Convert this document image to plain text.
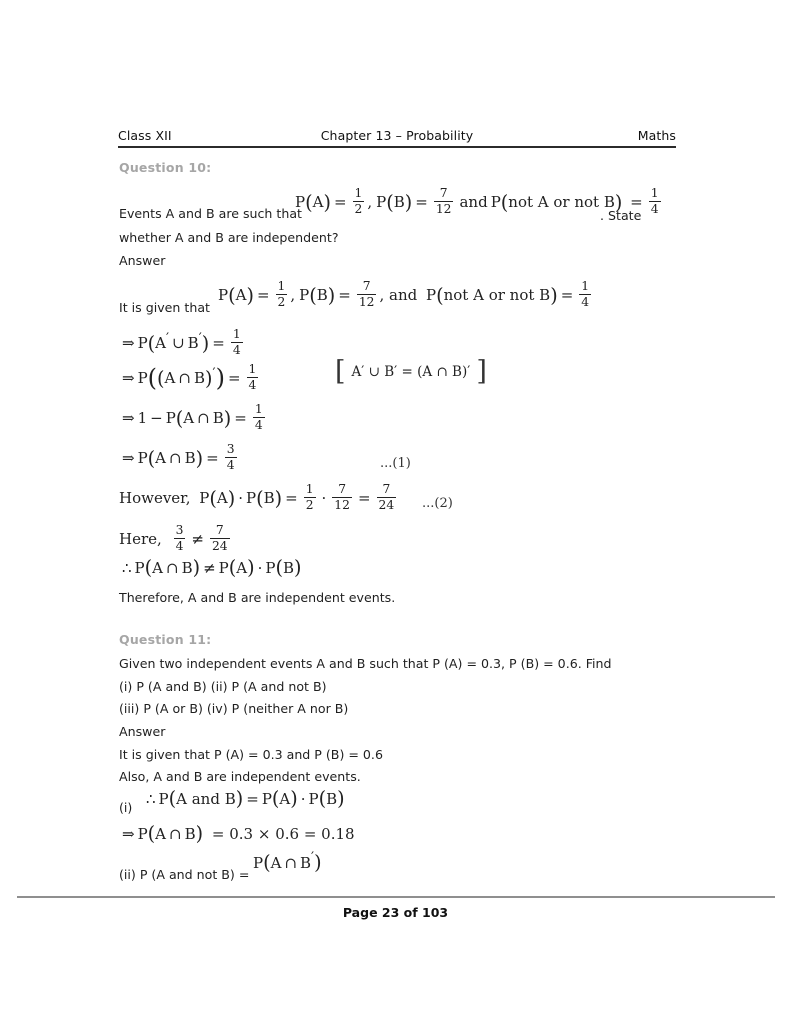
Class XII	Chapter 13 – Probability	Maths
Question 10:
Events A and B are such that
P ( A ) = $\frac{1}{2}$ , P ( B ) = $\frac{7}{12}$ and P ( not A or not B ) = $\frac{1}{4}$
. State
whether A and B are independent?
Answer
It is given that
P ( A ) = $\frac{1}{2}$ , P ( B ) = $\frac{7}{12}$ , and
P ( not A or not B ) = $\frac{1}{4}$
⇒ P ( A ′ ∪ B ′ ) = $\frac{1}{4}$
⇒ P ( ( A ∩ B ) ′ ) = $\frac{1}{4}$	[ A′ ∪ B′ = (A ∩ B)′ ]
⇒ 1 − P ( A ∩ B ) = $\frac{1}{4}$
⇒ P ( A ∩ B ) = $\frac{3}{4}$	...(1)
However,
P ( A ) · P ( B ) = $\frac{1}{2} \cdot \frac{7}{12} = \frac{7}{24} ...(2)$
Here,
$\frac{3}{4} \ne \frac{7}{24}$
∴ P ( A ∩ B ) ≠ P ( A ) · P ( B )
Therefore, A and B are independent events.
Question 11:
Given two independent events A and B such that P (A) = 0.3, P (B) = 0.6. Find
(i) P (A and B) (ii) P (A and not B)
(iii) P (A or B) (iv) P (neither A nor B)
Answer
It is given that P (A) = 0.3 and P (B) = 0.6
Also, A and B are independent events.
(i) ∴ P ( A and B ) = P ( A ) · P ( B )
⇒ P ( A ∩ B )
= 0.3 × 0.6 = 0.18
(ii) P (A and not B) =
P ( A ∩ B ′ )
Page 23 of 103
